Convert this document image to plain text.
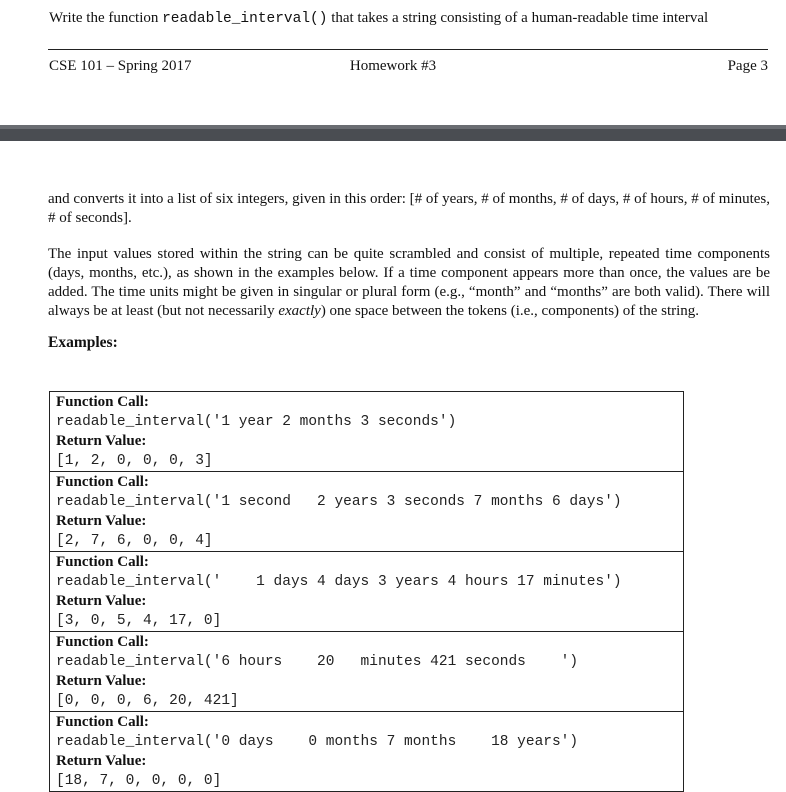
Write the function readable_interval() that takes a string consisting of a human-readable time interval
CSE 101 – Spring 2017	Homework #3	Page 3

and converts it into a list of six integers, given in this order: [# of years, # of months, # of days, # of hours, # of minutes, # of seconds].

The input values stored within the string can be quite scrambled and consist of multiple, repeated time components (days, months, etc.), as shown in the examples below. If a time component appears more than once, the values are be added. The time units might be given in singular or plural form (e.g., “month” and “months” are both valid). There will always be at least (but not necessarily exactly) one space between the tokens (i.e., components) of the string.

Examples:
Function Call:
readable_interval('1 year 2 months 3 seconds')
Return Value:
[1, 2, 0, 0, 0, 3]
Function Call:
readable_interval('1 second   2 years 3 seconds 7 months 6 days')
Return Value:
[2, 7, 6, 0, 0, 4]
Function Call:
readable_interval('    1 days 4 days 3 years 4 hours 17 minutes')
Return Value:
[3, 0, 5, 4, 17, 0]
Function Call:
readable_interval('6 hours    20   minutes 421 seconds    ')
Return Value:
[0, 0, 0, 6, 20, 421]
Function Call:
readable_interval('0 days    0 months 7 months    18 years')
Return Value:
[18, 7, 0, 0, 0, 0]
